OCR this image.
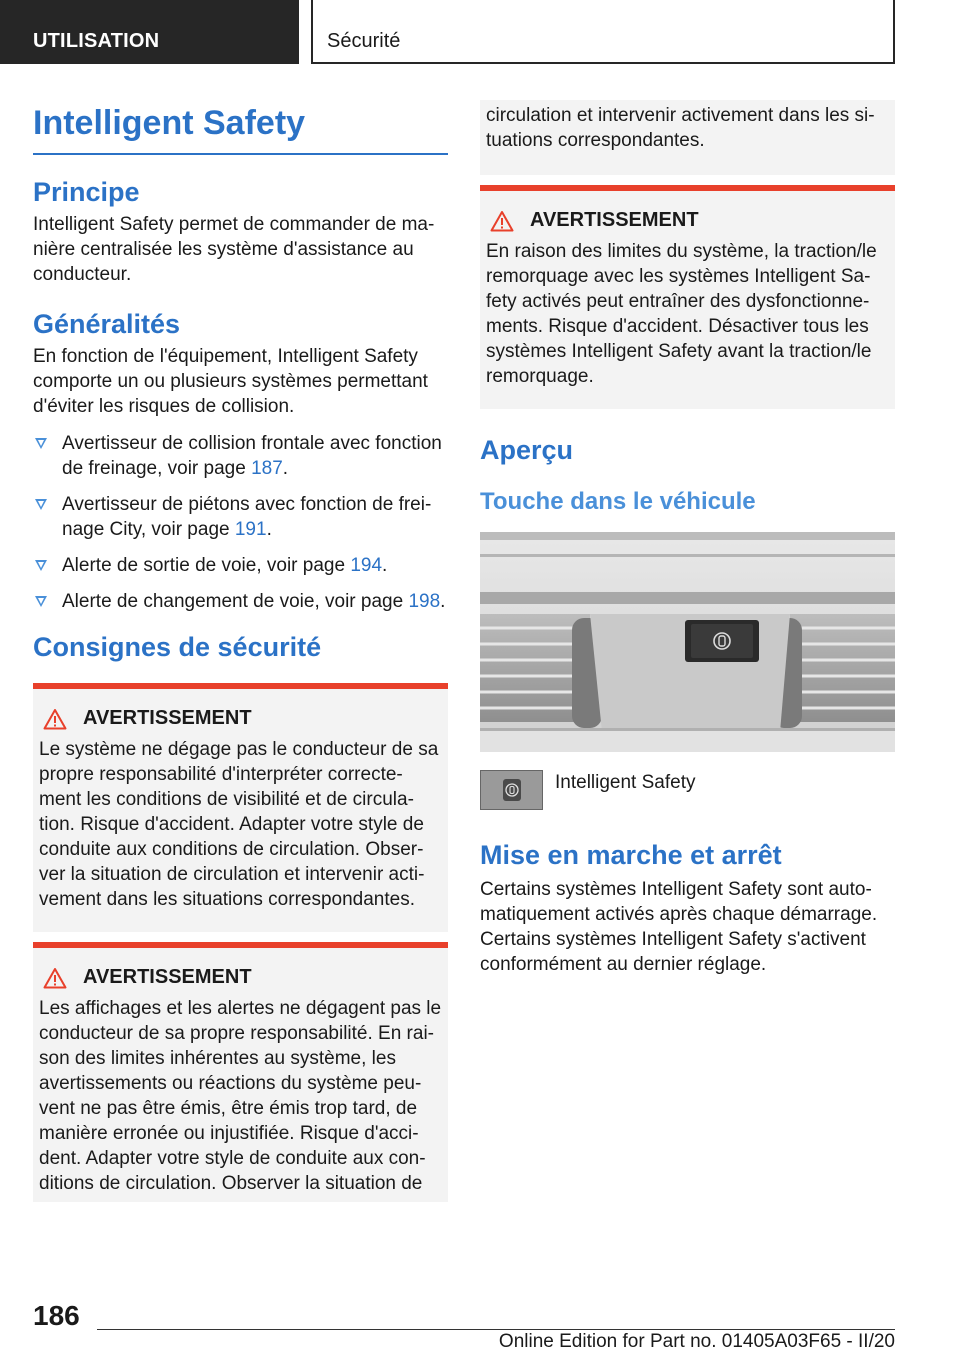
UTILISATION	Sécurité
Intelligent Safety
Principe

Intelligent Safety permet de commander de ma-nière centralisée les système d'assistance au conducteur.

Généralités

En fonction de l'équipement, Intelligent Safety comporte un ou plusieurs systèmes permettant d'éviter les risques de collision.

Avertisseur de collision frontale avec fonction de freinage, voir page 187.
Avertisseur de piétons avec fonction de frei-nage City, voir page 191.
Alerte de sortie de voie, voir page 194.
Alerte de changement de voie, voir page 198.
Consignes de sécurité
AVERTISSEMENT

Le système ne dégage pas le conducteur de sa propre responsabilité d'interpréter correcte-ment les conditions de visibilité et de circula-tion. Risque d'accident. Adapter votre style de conduite aux conditions de circulation. Obser-ver la situation de circulation et intervenir acti-vement dans les situations correspondantes.

AVERTISSEMENT

Les affichages et les alertes ne dégagent pas le conducteur de sa propre responsabilité. En rai-son des limites inhérentes au système, les avertissements ou réactions du système peu-vent ne pas être émis, être émis trop tard, de manière erronée ou injustifiée. Risque d'acci-dent. Adapter votre style de conduite aux con-ditions de circulation. Observer la situation de

circulation et intervenir activement dans les si-tuations correspondantes.

AVERTISSEMENT

En raison des limites du système, la traction/le remorquage avec les systèmes Intelligent Sa-fety activés peut entraîner des dysfonctionne-ments. Risque d'accident. Désactiver tous les systèmes Intelligent Safety avant la traction/le remorquage.

Aperçu
Touche dans le véhicule
Intelligent Safety
Mise en marche et arrêt

Certains systèmes Intelligent Safety sont auto-matiquement activés après chaque démarrage. Certains systèmes Intelligent Safety s'activent conformément au dernier réglage.

186
Online Edition for Part no. 01405A03F65 - II/20
